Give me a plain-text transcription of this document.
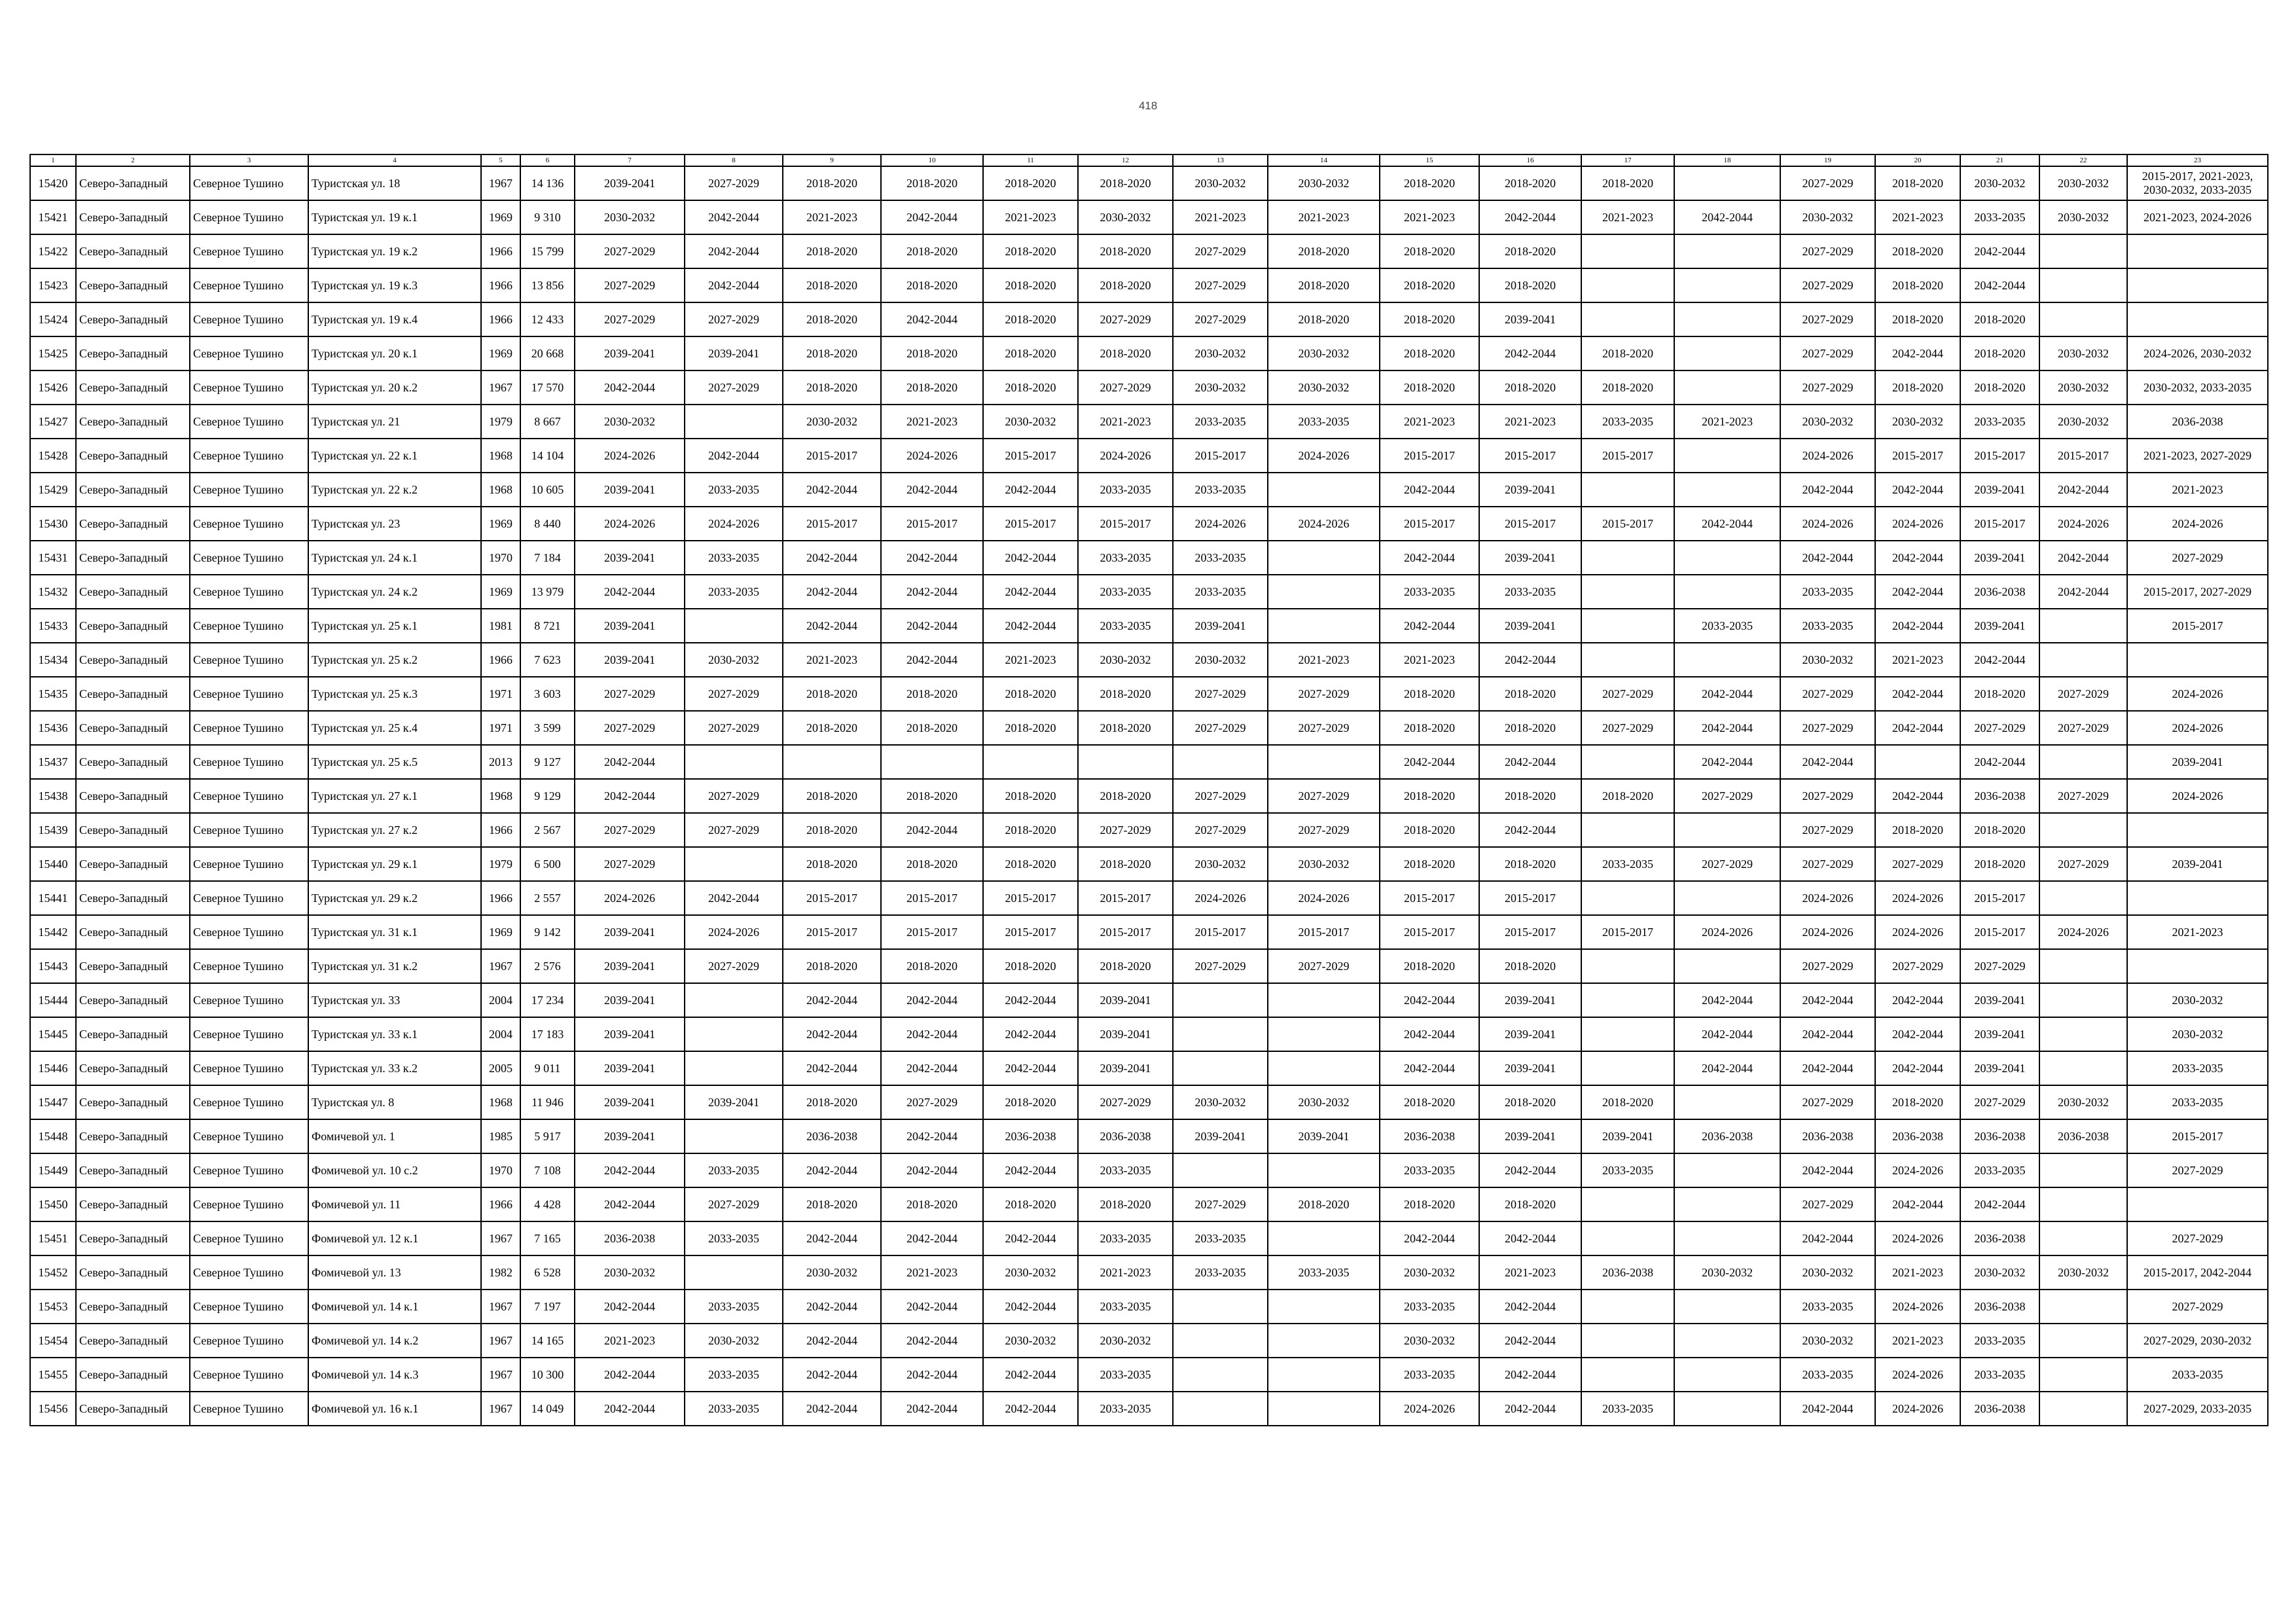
418
1	2	3	4	5	6	7	8	9	10	11	12	13	14	15	16	17	18	19	20	21	22	23
15420	Северо-Западный	Северное Тушино	Туристская ул. 18	1967	14 136	2039-2041	2027-2029	2018-2020	2018-2020	2018-2020	2018-2020	2030-2032	2030-2032	2018-2020	2018-2020	2018-2020		2027-2029	2018-2020	2030-2032	2030-2032	2015-2017, 2021-2023, 2030-2032, 2033-2035
15421	Северо-Западный	Северное Тушино	Туристская ул. 19 к.1	1969	9 310	2030-2032	2042-2044	2021-2023	2042-2044	2021-2023	2030-2032	2021-2023	2021-2023	2021-2023	2042-2044	2021-2023	2042-2044	2030-2032	2021-2023	2033-2035	2030-2032	2021-2023, 2024-2026
15422	Северо-Западный	Северное Тушино	Туристская ул. 19 к.2	1966	15 799	2027-2029	2042-2044	2018-2020	2018-2020	2018-2020	2018-2020	2027-2029	2018-2020	2018-2020	2018-2020			2027-2029	2018-2020	2042-2044		
15423	Северо-Западный	Северное Тушино	Туристская ул. 19 к.3	1966	13 856	2027-2029	2042-2044	2018-2020	2018-2020	2018-2020	2018-2020	2027-2029	2018-2020	2018-2020	2018-2020			2027-2029	2018-2020	2042-2044		
15424	Северо-Западный	Северное Тушино	Туристская ул. 19 к.4	1966	12 433	2027-2029	2027-2029	2018-2020	2042-2044	2018-2020	2027-2029	2027-2029	2018-2020	2018-2020	2039-2041			2027-2029	2018-2020	2018-2020		
15425	Северо-Западный	Северное Тушино	Туристская ул. 20 к.1	1969	20 668	2039-2041	2039-2041	2018-2020	2018-2020	2018-2020	2018-2020	2030-2032	2030-2032	2018-2020	2042-2044	2018-2020		2027-2029	2042-2044	2018-2020	2030-2032	2024-2026, 2030-2032
15426	Северо-Западный	Северное Тушино	Туристская ул. 20 к.2	1967	17 570	2042-2044	2027-2029	2018-2020	2018-2020	2018-2020	2027-2029	2030-2032	2030-2032	2018-2020	2018-2020	2018-2020		2027-2029	2018-2020	2018-2020	2030-2032	2030-2032, 2033-2035
15427	Северо-Западный	Северное Тушино	Туристская ул. 21	1979	8 667	2030-2032		2030-2032	2021-2023	2030-2032	2021-2023	2033-2035	2033-2035	2021-2023	2021-2023	2033-2035	2021-2023	2030-2032	2030-2032	2033-2035	2030-2032	2036-2038
15428	Северо-Западный	Северное Тушино	Туристская ул. 22 к.1	1968	14 104	2024-2026	2042-2044	2015-2017	2024-2026	2015-2017	2024-2026	2015-2017	2024-2026	2015-2017	2015-2017	2015-2017		2024-2026	2015-2017	2015-2017	2015-2017	2021-2023, 2027-2029
15429	Северо-Западный	Северное Тушино	Туристская ул. 22 к.2	1968	10 605	2039-2041	2033-2035	2042-2044	2042-2044	2042-2044	2033-2035	2033-2035		2042-2044	2039-2041			2042-2044	2042-2044	2039-2041	2042-2044	2021-2023
15430	Северо-Западный	Северное Тушино	Туристская ул. 23	1969	8 440	2024-2026	2024-2026	2015-2017	2015-2017	2015-2017	2015-2017	2024-2026	2024-2026	2015-2017	2015-2017	2015-2017	2042-2044	2024-2026	2024-2026	2015-2017	2024-2026	2024-2026
15431	Северо-Западный	Северное Тушино	Туристская ул. 24 к.1	1970	7 184	2039-2041	2033-2035	2042-2044	2042-2044	2042-2044	2033-2035	2033-2035		2042-2044	2039-2041			2042-2044	2042-2044	2039-2041	2042-2044	2027-2029
15432	Северо-Западный	Северное Тушино	Туристская ул. 24 к.2	1969	13 979	2042-2044	2033-2035	2042-2044	2042-2044	2042-2044	2033-2035	2033-2035		2033-2035	2033-2035			2033-2035	2042-2044	2036-2038	2042-2044	2015-2017, 2027-2029
15433	Северо-Западный	Северное Тушино	Туристская ул. 25 к.1	1981	8 721	2039-2041		2042-2044	2042-2044	2042-2044	2033-2035	2039-2041		2042-2044	2039-2041		2033-2035	2033-2035	2042-2044	2039-2041		2015-2017
15434	Северо-Западный	Северное Тушино	Туристская ул. 25 к.2	1966	7 623	2039-2041	2030-2032	2021-2023	2042-2044	2021-2023	2030-2032	2030-2032	2021-2023	2021-2023	2042-2044			2030-2032	2021-2023	2042-2044		
15435	Северо-Западный	Северное Тушино	Туристская ул. 25 к.3	1971	3 603	2027-2029	2027-2029	2018-2020	2018-2020	2018-2020	2018-2020	2027-2029	2027-2029	2018-2020	2018-2020	2027-2029	2042-2044	2027-2029	2042-2044	2018-2020	2027-2029	2024-2026
15436	Северо-Западный	Северное Тушино	Туристская ул. 25 к.4	1971	3 599	2027-2029	2027-2029	2018-2020	2018-2020	2018-2020	2018-2020	2027-2029	2027-2029	2018-2020	2018-2020	2027-2029	2042-2044	2027-2029	2042-2044	2027-2029	2027-2029	2024-2026
15437	Северо-Западный	Северное Тушино	Туристская ул. 25 к.5	2013	9 127	2042-2044								2042-2044	2042-2044		2042-2044	2042-2044		2042-2044		2039-2041
15438	Северо-Западный	Северное Тушино	Туристская ул. 27 к.1	1968	9 129	2042-2044	2027-2029	2018-2020	2018-2020	2018-2020	2018-2020	2027-2029	2027-2029	2018-2020	2018-2020	2018-2020	2027-2029	2027-2029	2042-2044	2036-2038	2027-2029	2024-2026
15439	Северо-Западный	Северное Тушино	Туристская ул. 27 к.2	1966	2 567	2027-2029	2027-2029	2018-2020	2042-2044	2018-2020	2027-2029	2027-2029	2027-2029	2018-2020	2042-2044			2027-2029	2018-2020	2018-2020		
15440	Северо-Западный	Северное Тушино	Туристская ул. 29 к.1	1979	6 500	2027-2029		2018-2020	2018-2020	2018-2020	2018-2020	2030-2032	2030-2032	2018-2020	2018-2020	2033-2035	2027-2029	2027-2029	2027-2029	2018-2020	2027-2029	2039-2041
15441	Северо-Западный	Северное Тушино	Туристская ул. 29 к.2	1966	2 557	2024-2026	2042-2044	2015-2017	2015-2017	2015-2017	2015-2017	2024-2026	2024-2026	2015-2017	2015-2017			2024-2026	2024-2026	2015-2017		
15442	Северо-Западный	Северное Тушино	Туристская ул. 31 к.1	1969	9 142	2039-2041	2024-2026	2015-2017	2015-2017	2015-2017	2015-2017	2015-2017	2015-2017	2015-2017	2015-2017	2015-2017	2024-2026	2024-2026	2024-2026	2015-2017	2024-2026	2021-2023
15443	Северо-Западный	Северное Тушино	Туристская ул. 31 к.2	1967	2 576	2039-2041	2027-2029	2018-2020	2018-2020	2018-2020	2018-2020	2027-2029	2027-2029	2018-2020	2018-2020			2027-2029	2027-2029	2027-2029		
15444	Северо-Западный	Северное Тушино	Туристская ул. 33	2004	17 234	2039-2041		2042-2044	2042-2044	2042-2044	2039-2041			2042-2044	2039-2041		2042-2044	2042-2044	2042-2044	2039-2041		2030-2032
15445	Северо-Западный	Северное Тушино	Туристская ул. 33 к.1	2004	17 183	2039-2041		2042-2044	2042-2044	2042-2044	2039-2041			2042-2044	2039-2041		2042-2044	2042-2044	2042-2044	2039-2041		2030-2032
15446	Северо-Западный	Северное Тушино	Туристская ул. 33 к.2	2005	9 011	2039-2041		2042-2044	2042-2044	2042-2044	2039-2041			2042-2044	2039-2041		2042-2044	2042-2044	2042-2044	2039-2041		2033-2035
15447	Северо-Западный	Северное Тушино	Туристская ул. 8	1968	11 946	2039-2041	2039-2041	2018-2020	2027-2029	2018-2020	2027-2029	2030-2032	2030-2032	2018-2020	2018-2020	2018-2020		2027-2029	2018-2020	2027-2029	2030-2032	2033-2035
15448	Северо-Западный	Северное Тушино	Фомичевой ул. 1	1985	5 917	2039-2041		2036-2038	2042-2044	2036-2038	2036-2038	2039-2041	2039-2041	2036-2038	2039-2041	2039-2041	2036-2038	2036-2038	2036-2038	2036-2038	2036-2038	2015-2017
15449	Северо-Западный	Северное Тушино	Фомичевой ул. 10 с.2	1970	7 108	2042-2044	2033-2035	2042-2044	2042-2044	2042-2044	2033-2035			2033-2035	2042-2044	2033-2035		2042-2044	2024-2026	2033-2035		2027-2029
15450	Северо-Западный	Северное Тушино	Фомичевой ул. 11	1966	4 428	2042-2044	2027-2029	2018-2020	2018-2020	2018-2020	2018-2020	2027-2029	2018-2020	2018-2020	2018-2020			2027-2029	2042-2044	2042-2044		
15451	Северо-Западный	Северное Тушино	Фомичевой ул. 12 к.1	1967	7 165	2036-2038	2033-2035	2042-2044	2042-2044	2042-2044	2033-2035	2033-2035		2042-2044	2042-2044			2042-2044	2024-2026	2036-2038		2027-2029
15452	Северо-Западный	Северное Тушино	Фомичевой ул. 13	1982	6 528	2030-2032		2030-2032	2021-2023	2030-2032	2021-2023	2033-2035	2033-2035	2030-2032	2021-2023	2036-2038	2030-2032	2030-2032	2021-2023	2030-2032	2030-2032	2015-2017, 2042-2044
15453	Северо-Западный	Северное Тушино	Фомичевой ул. 14 к.1	1967	7 197	2042-2044	2033-2035	2042-2044	2042-2044	2042-2044	2033-2035			2033-2035	2042-2044			2033-2035	2024-2026	2036-2038		2027-2029
15454	Северо-Западный	Северное Тушино	Фомичевой ул. 14 к.2	1967	14 165	2021-2023	2030-2032	2042-2044	2042-2044	2030-2032	2030-2032			2030-2032	2042-2044			2030-2032	2021-2023	2033-2035		2027-2029, 2030-2032
15455	Северо-Западный	Северное Тушино	Фомичевой ул. 14 к.3	1967	10 300	2042-2044	2033-2035	2042-2044	2042-2044	2042-2044	2033-2035			2033-2035	2042-2044			2033-2035	2024-2026	2033-2035		2033-2035
15456	Северо-Западный	Северное Тушино	Фомичевой ул. 16 к.1	1967	14 049	2042-2044	2033-2035	2042-2044	2042-2044	2042-2044	2033-2035			2024-2026	2042-2044	2033-2035		2042-2044	2024-2026	2036-2038		2027-2029, 2033-2035
